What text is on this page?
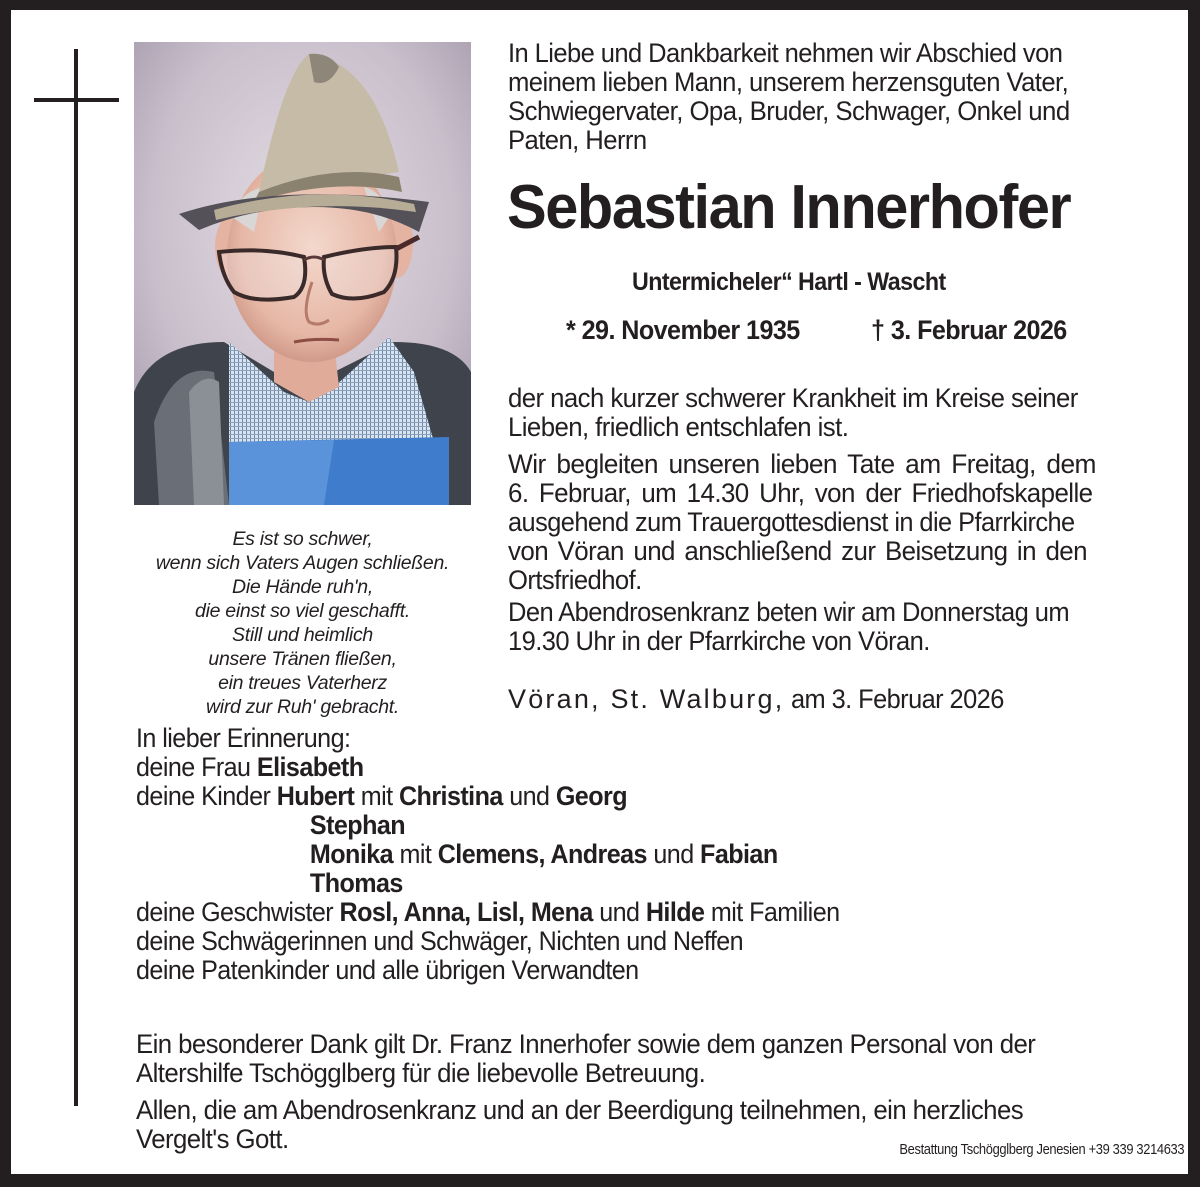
Es ist so schwer,
wenn sich Vaters Augen schließen.
Die Hände ruh'n,
die einst so viel geschafft.
Still und heimlich
unsere Tränen fließen,
ein treues Vaterherz
wird zur Ruh' gebracht.
In Liebe und Dankbarkeit nehmen wir Abschied von
meinem lieben Mann, unserem herzensguten Vater,
Schwiegervater, Opa, Bruder, Schwager, Onkel und
Paten, Herrn
Sebastian Innerhofer
Untermicheler“ Hartl - Wascht
* 29. November 1935	† 3. Februar 2026
der nach kurzer schwerer Krankheit im Kreise seiner
Lieben, friedlich entschlafen ist.
Wir begleiten unseren lieben Tate am Freitag, dem
6. Februar, um 14.30 Uhr, von der Friedhofskapelle
ausgehend zum Trauergottesdienst in die Pfarrkirche
von Vöran und anschließend zur Beisetzung in den
Ortsfriedhof.
Den Abendrosenkranz beten wir am Donnerstag um
19.30 Uhr in der Pfarrkirche von Vöran.
Vöran, St. Walburg, am 3. Februar 2026
In lieber Erinnerung:
deine Frau Elisabeth
deine Kinder Hubert mit Christina und Georg
Stephan
Monika mit Clemens, Andreas und Fabian
Thomas
deine Geschwister Rosl, Anna, Lisl, Mena und Hilde mit Familien
deine Schwägerinnen und Schwäger, Nichten und Neffen
deine Patenkinder und alle übrigen Verwandten
Ein besonderer Dank gilt Dr. Franz Innerhofer sowie dem ganzen Personal von der
Altershilfe Tschögglberg für die liebevolle Betreuung.
Allen, die am Abendrosenkranz und an der Beerdigung teilnehmen, ein herzliches
Vergelt's Gott.	Bestattung Tschögglberg Jenesien +39 339 3214633
